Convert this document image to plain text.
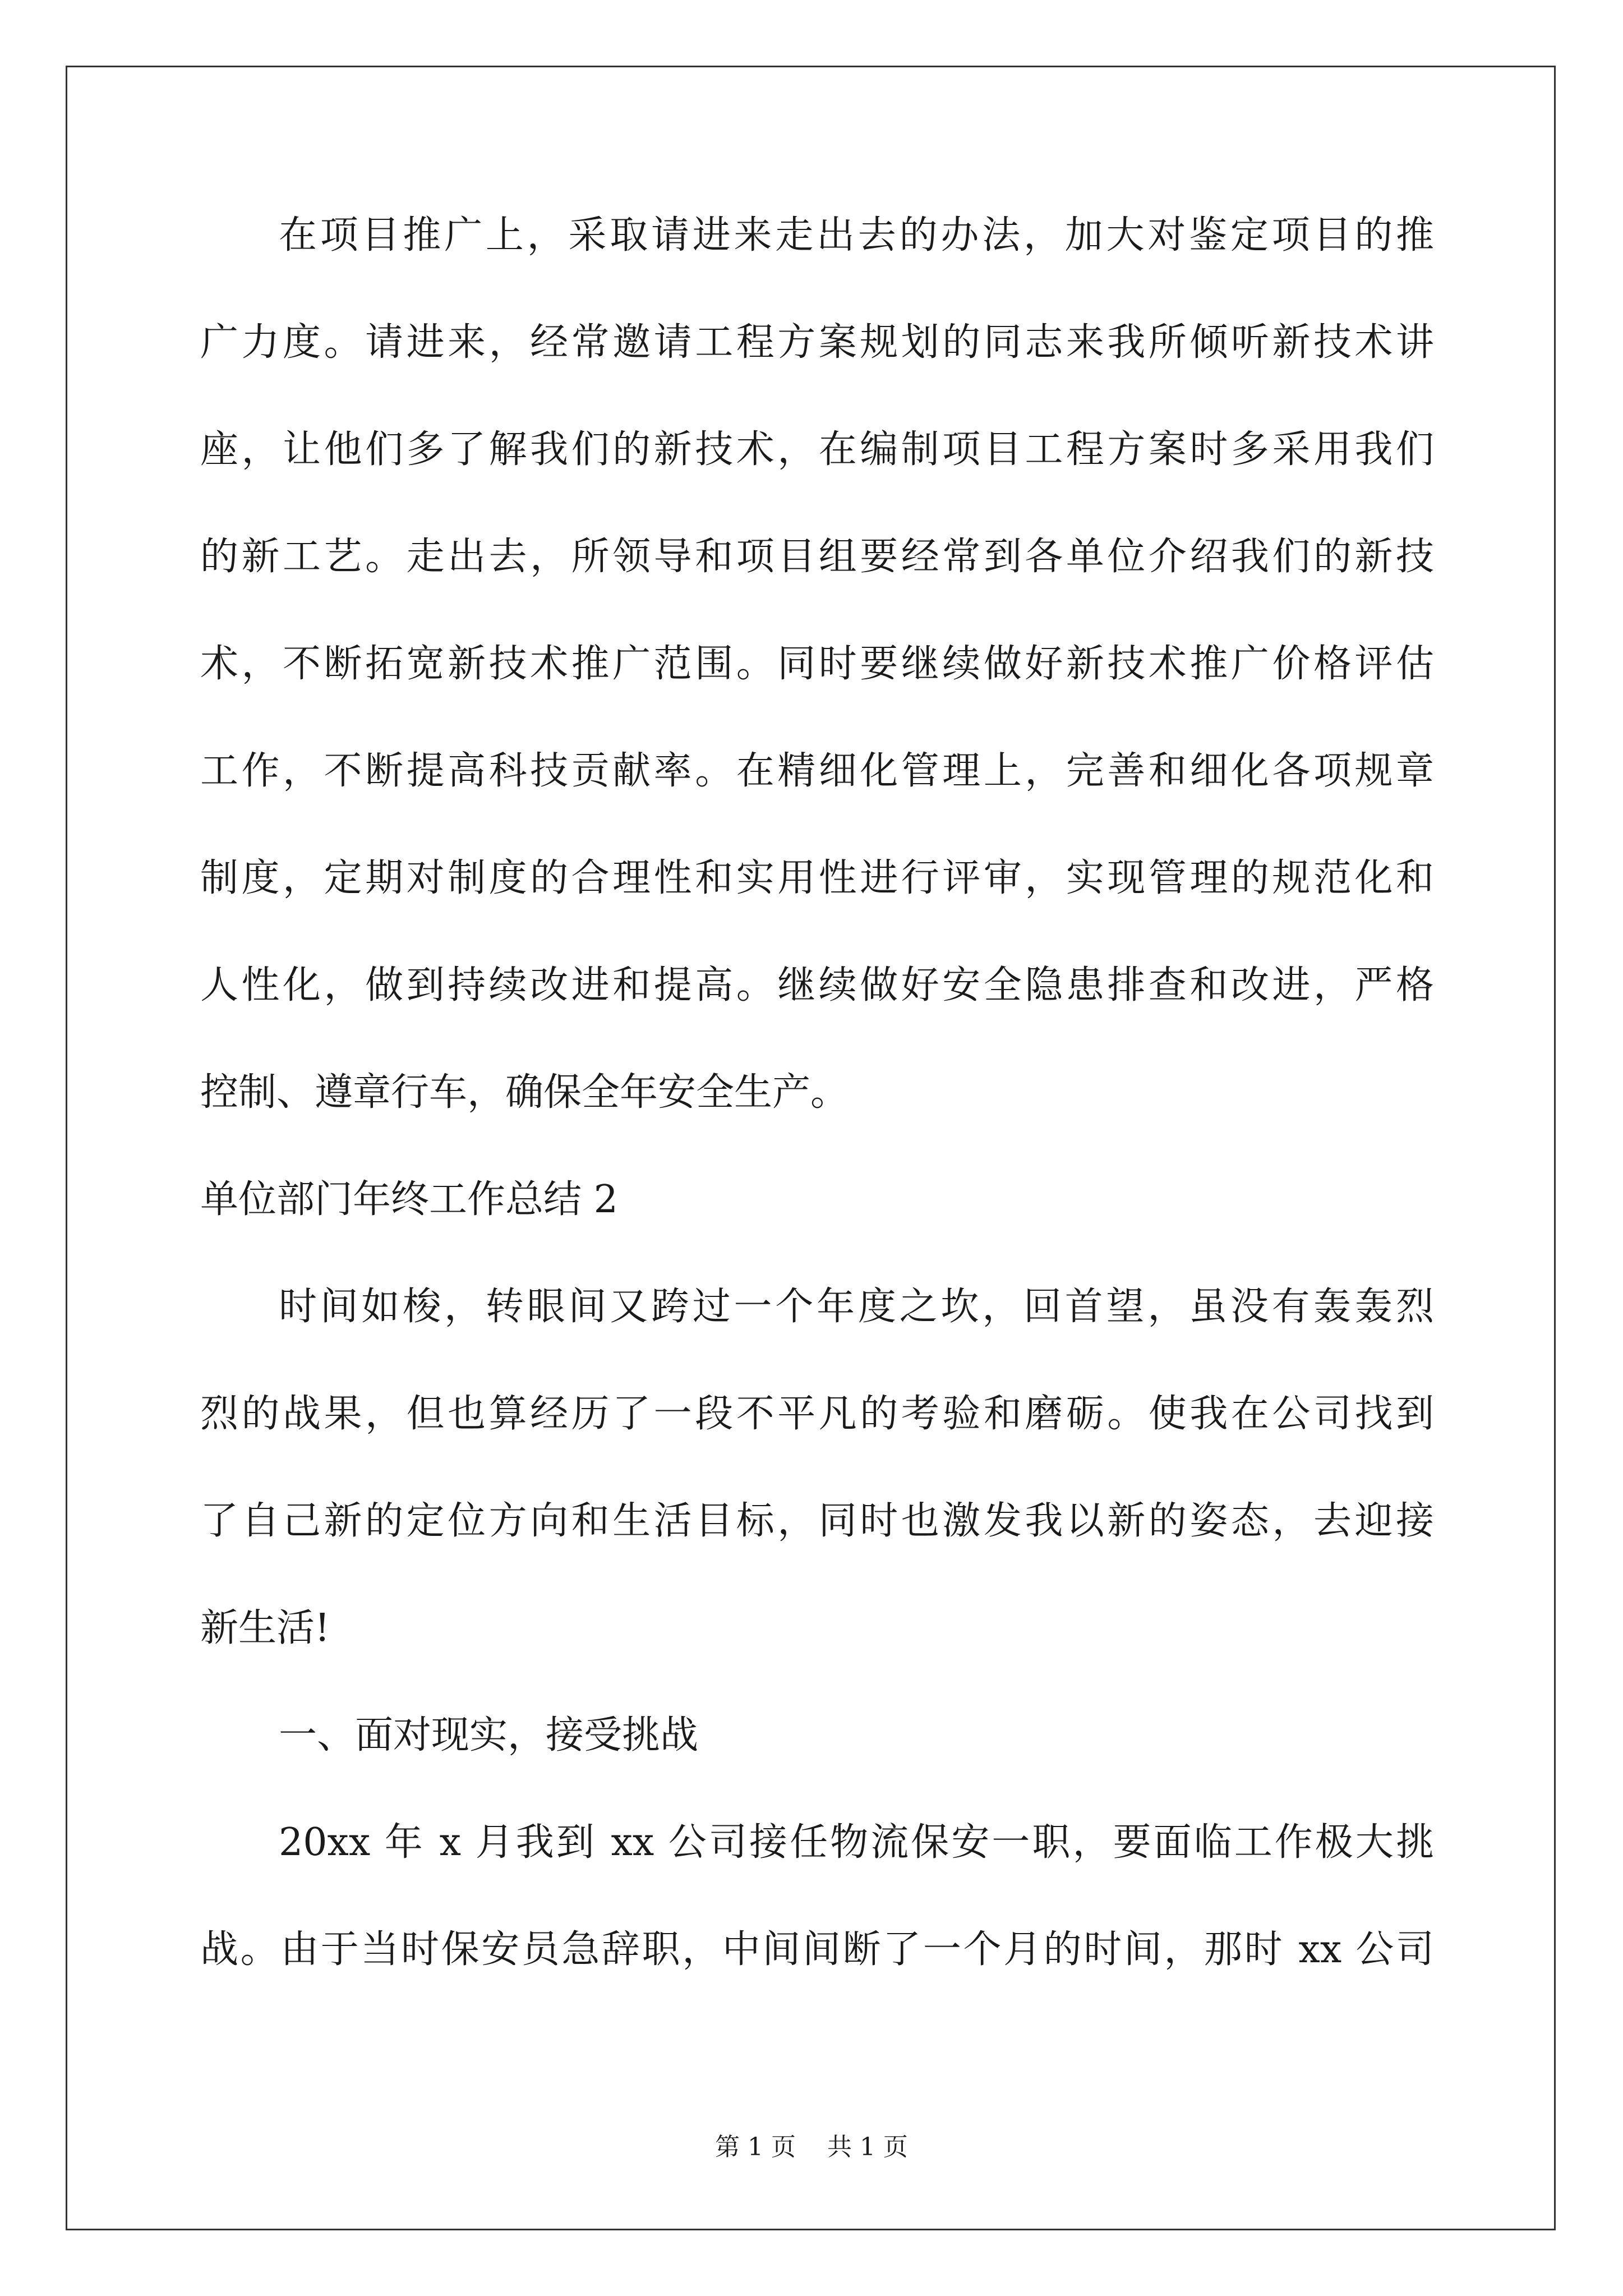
在项目推广上，采取请进来走出去的办法，加大对鉴定项目的推
广力度。请进来，经常邀请工程方案规划的同志来我所倾听新技术讲
座，让他们多了解我们的新技术，在编制项目工程方案时多采用我们
的新工艺。走出去，所领导和项目组要经常到各单位介绍我们的新技
术，不断拓宽新技术推广范围。同时要继续做好新技术推广价格评估
工作，不断提高科技贡献率。在精细化管理上，完善和细化各项规章
制度，定期对制度的合理性和实用性进行评审，实现管理的规范化和
人性化，做到持续改进和提高。继续做好安全隐患排查和改进，严格
控制、遵章行车，确保全年安全生产。
单位部门年终工作总结 2
时间如梭，转眼间又跨过一个年度之坎，回首望，虽没有轰轰烈
烈的战果，但也算经历了一段不平凡的考验和磨砺。使我在公司找到
了自己新的定位方向和生活目标，同时也激发我以新的姿态，去迎接
新生活!
一、面对现实，接受挑战
20xx 年 x 月我到 xx 公司接任物流保安一职，要面临工作极大挑
战。由于当时保安员急辞职，中间间断了一个月的时间，那时 xx 公司
第 1 页    共 1 页
